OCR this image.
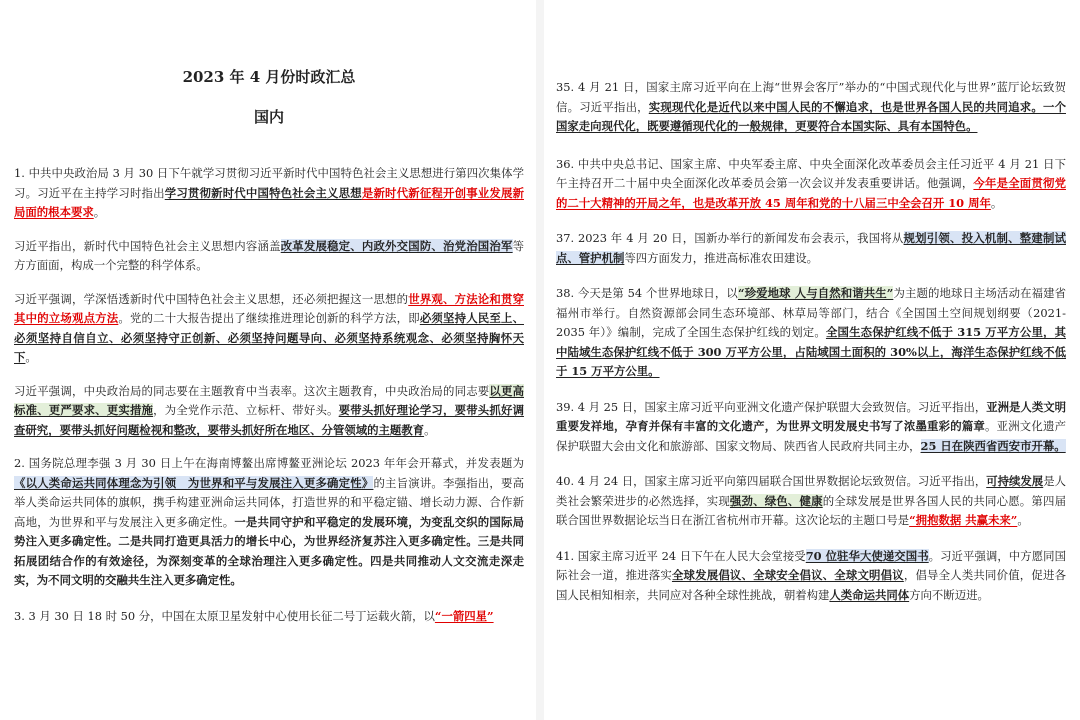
2023 年 4 月份时政汇总
国内

1. 中共中央政治局 3 月 30 日下午就学习贯彻习近平新时代中国特色社会主义思想进行第四次集体学习。习近平在主持学习时指出学习贯彻新时代中国特色社会主义思想是新时代新征程开创事业发展新局面的根本要求。

习近平指出，新时代中国特色社会主义思想内容涵盖改革发展稳定、内政外交国防、治党治国治军等方方面面，构成一个完整的科学体系。

习近平强调，学深悟透新时代中国特色社会主义思想，还必须把握这一思想的世界观、方法论和贯穿其中的立场观点方法。党的二十大报告提出了继续推进理论创新的科学方法，即必须坚持人民至上、必须坚持自信自立、必须坚持守正创新、必须坚持问题导向、必须坚持系统观念、必须坚持胸怀天下。

习近平强调，中央政治局的同志要在主题教育中当表率。这次主题教育，中央政治局的同志要以更高标准、更严要求、更实措施，为全党作示范、立标杆、带好头。要带头抓好理论学习，要带头抓好调查研究，要带头抓好问题检视和整改，要带头抓好所在地区、分管领域的主题教育。

2. 国务院总理李强 3 月 30 日上午在海南博鳌出席博鳌亚洲论坛 2023 年年会开幕式，并发表题为《以人类命运共同体理念为引领　为世界和平与发展注入更多确定性》的主旨演讲。李强指出，要高举人类命运共同体的旗帜，携手构建亚洲命运共同体，打造世界的和平稳定锚、增长动力源、合作新高地，为世界和平与发展注入更多确定性。一是共同守护和平稳定的发展环境，为变乱交织的国际局势注入更多确定性。二是共同打造更具活力的增长中心，为世界经济复苏注入更多确定性。三是共同拓展团结合作的有效途径，为深刻变革的全球治理注入更多确定性。四是共同推动人文交流走深走实，为不同文明的交融共生注入更多确定性。

3. 3 月 30 日 18 时 50 分，中国在太原卫星发射中心使用长征二号丁运载火箭，以“一箭四星”

35. 4 月 21 日，国家主席习近平向在上海“世界会客厅”举办的“中国式现代化与世界”蓝厅论坛致贺信。习近平指出，实现现代化是近代以来中国人民的不懈追求，也是世界各国人民的共同追求。一个国家走向现代化，既要遵循现代化的一般规律，更要符合本国实际、具有本国特色。

36. 中共中央总书记、国家主席、中央军委主席、中央全面深化改革委员会主任习近平 4 月 21 日下午主持召开二十届中央全面深化改革委员会第一次会议并发表重要讲话。他强调，今年是全面贯彻党的二十大精神的开局之年，也是改革开放 45 周年和党的十八届三中全会召开 10 周年。

37. 2023 年 4 月 20 日，国新办举行的新闻发布会表示，我国将从规划引领、投入机制、整建制试点、管护机制等四方面发力，推进高标准农田建设。

38. 今天是第 54 个世界地球日，以“珍爱地球 人与自然和谐共生”为主题的地球日主场活动在福建省福州市举行。自然资源部会同生态环境部、林草局等部门，结合《全国国土空间规划纲要（2021-2035 年）》编制，完成了全国生态保护红线的划定。全国生态保护红线不低于 315 万平方公里，其中陆域生态保护红线不低于 300 万平方公里，占陆域国土面积的 30%以上，海洋生态保护红线不低于 15 万平方公里。

39. 4 月 25 日，国家主席习近平向亚洲文化遗产保护联盟大会致贺信。习近平指出，亚洲是人类文明重要发祥地，孕育并保有丰富的文化遗产，为世界文明发展史书写了浓墨重彩的篇章。亚洲文化遗产保护联盟大会由文化和旅游部、国家文物局、陕西省人民政府共同主办，25 日在陕西省西安市开幕。

40. 4 月 24 日，国家主席习近平向第四届联合国世界数据论坛致贺信。习近平指出，可持续发展是人类社会繁荣进步的必然选择，实现强劲、绿色、健康的全球发展是世界各国人民的共同心愿。第四届联合国世界数据论坛当日在浙江省杭州市开幕。这次论坛的主题口号是“拥抱数据 共赢未来”。

41. 国家主席习近平 24 日下午在人民大会堂接受70 位驻华大使递交国书。习近平强调，中方愿同国际社会一道，推进落实全球发展倡议、全球安全倡议、全球文明倡议，倡导全人类共同价值，促进各国人民相知相亲，共同应对各种全球性挑战，朝着构建人类命运共同体方向不断迈进。
